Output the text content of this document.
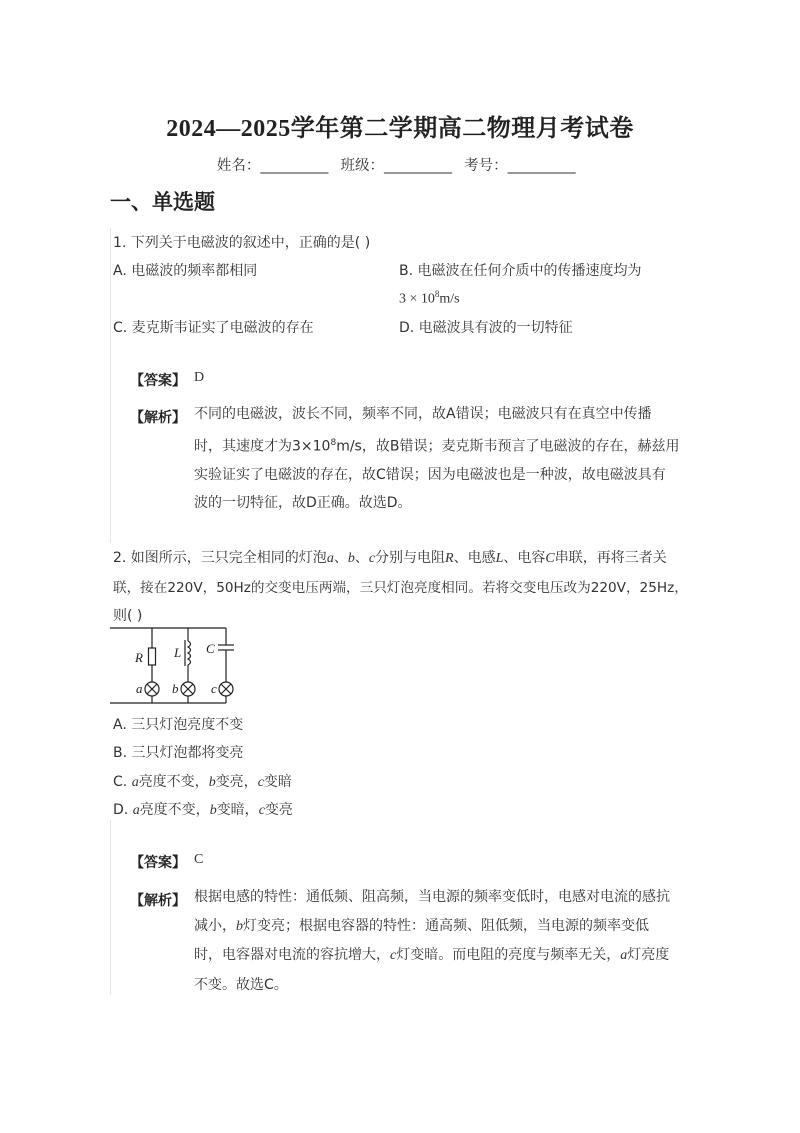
2024—2025学年第二学期高二物理月考试卷
姓名：__________ 班级：__________ 考号：__________
一、单选题
1. 下列关于电磁波的叙述中，正确的是( )
A. 电磁波的频率都相同	B. 电磁波在任何介质中的传播速度均为
$3 \times 10^8m/s$
C. 麦克斯韦证实了电磁波的存在	D. 电磁波具有波的一切特征
【答案】 D
【解析】 不同的电磁波，波长不同，频率不同，故A错误；电磁波只有在真空中传播
时，其速度才为$3\times 10^8m/s$，故B错误；麦克斯韦预言了电磁波的存在，赫兹用
实验证实了电磁波的存在，故C错误；因为电磁波也是一种波，故电磁波具有
波的一切特征，故D正确。故选D。
2. 如图所示，三只完全相同的灯泡a、b、c分别与电阻R、电感L、电容C串联，再将三者关
联，接在220V，50Hz的交变电压两端，三只灯泡亮度相同。若将交变电压改为220V，25Hz，
则( )
R L C
a b	c
A. 三只灯泡亮度不变
B. 三只灯泡都将变亮
C. a亮度不变，b变亮，c变暗
D. a亮度不变，b变暗，c变亮
【答案】 C
【解析】 根据电感的特性：通低频、阻高频，当电源的频率变低时，电感对电流的感抗
减小，b灯变亮；根据电容器的特性：通高频、阻低频，当电源的频率变低
时，电容器对电流的容抗增大，c灯变暗。而电阻的亮度与频率无关，a灯亮度
不变。故选C。
